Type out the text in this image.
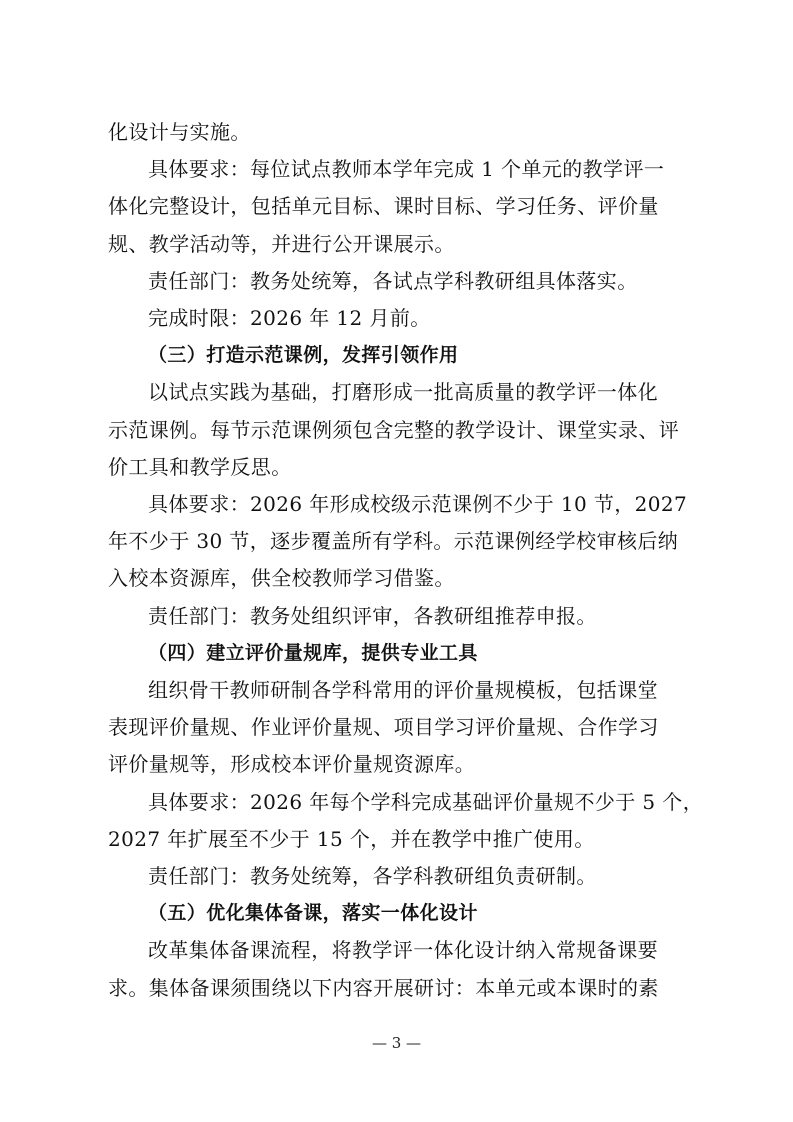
化设计与实施。
具体要求：每位试点教师本学年完成 1 个单元的教学评一
体化完整设计，包括单元目标、课时目标、学习任务、评价量
规、教学活动等，并进行公开课展示。
责任部门：教务处统筹，各试点学科教研组具体落实。
完成时限：2026 年 12 月前。
（三）打造示范课例，发挥引领作用
以试点实践为基础，打磨形成一批高质量的教学评一体化
示范课例。每节示范课例须包含完整的教学设计、课堂实录、评
价工具和教学反思。
具体要求：2026 年形成校级示范课例不少于 10 节，2027
年不少于 30 节，逐步覆盖所有学科。示范课例经学校审核后纳
入校本资源库，供全校教师学习借鉴。
责任部门：教务处组织评审，各教研组推荐申报。
（四）建立评价量规库，提供专业工具
组织骨干教师研制各学科常用的评价量规模板，包括课堂
表现评价量规、作业评价量规、项目学习评价量规、合作学习
评价量规等，形成校本评价量规资源库。
具体要求：2026 年每个学科完成基础评价量规不少于 5 个，
2027 年扩展至不少于 15 个，并在教学中推广使用。
责任部门：教务处统筹，各学科教研组负责研制。
（五）优化集体备课，落实一体化设计
改革集体备课流程，将教学评一体化设计纳入常规备课要
求。集体备课须围绕以下内容开展研讨：本单元或本课时的素
— 3 —
